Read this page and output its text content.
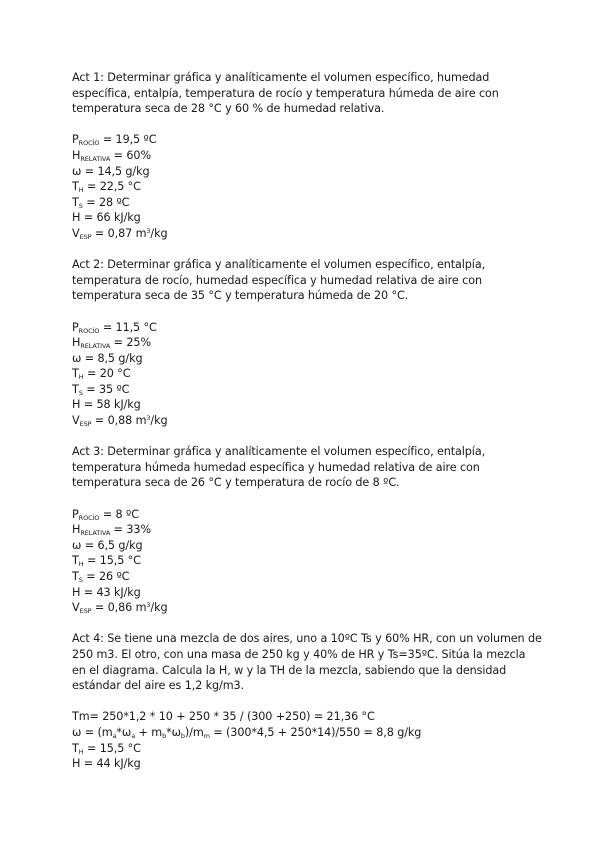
Act 1: Determinar gráfica y analíticamente el volumen específico, humedad específica, entalpía, temperatura de rocío y temperatura húmeda de aire con temperatura seca de 28 °C y 60 % de humedad relativa.

$P_{ROCÍO} = 19,5$ ºC

$H_{RELATIVA} = 60\%$

ω = 14,5 g/kg

$T_H = 22,5$ °C

$T_S = 28$ ºC

H = 66 kJ/kg

$V_{ESP} = 0,87$ $m^3/kg$

Act 2: Determinar gráfica y analíticamente el volumen específico, entalpía, temperatura de rocío, humedad específica y humedad relativa de aire con temperatura seca de 35 °C y temperatura húmeda de 20 °C.

$P_{ROCÍO} = 11,5$ °C

$H_{RELATIVA} = 25\%$

ω = 8,5 g/kg

$T_H = 20$ °C

$T_S = 35$ ºC

H = 58 kJ/kg

$V_{ESP} = 0,88$ $m^3/kg$

Act 3: Determinar gráfica y analíticamente el volumen específico, entalpía, temperatura húmeda humedad específica y humedad relativa de aire con temperatura seca de 26 °C y temperatura de rocío de 8 ºC.

$P_{ROCÍO} = 8$ ºC

$H_{RELATIVA} = 33\%$

ω = 6,5 g/kg

$T_H = 15,5$ °C

$T_S = 26$ ºC

H = 43 kJ/kg

$V_{ESP} = 0,86$ $m^3/kg$

Act 4: Se tiene una mezcla de dos aires, uno a 10ºC Ts y 60% HR, con un volumen de 250 m3. El otro, con una masa de 250 kg y 40% de HR y Ts=35ºC. Sitúa la mezcla en el diagrama. Calcula la H, w y la TH de la mezcla, sabiendo que la densidad estándar del aire es 1,2 kg/m3.

Tm= 250*1,2 * 10 + 250 * 35 / (300 +250) = 21,36 °C

$\omega = (m_a*\omega_a + m_b*\omega_b)/m_m = (300*4,5 + 250*14)/550 = 8,8$ g/kg

$T_H = 15,5$ °C

H = 44 kJ/kg
